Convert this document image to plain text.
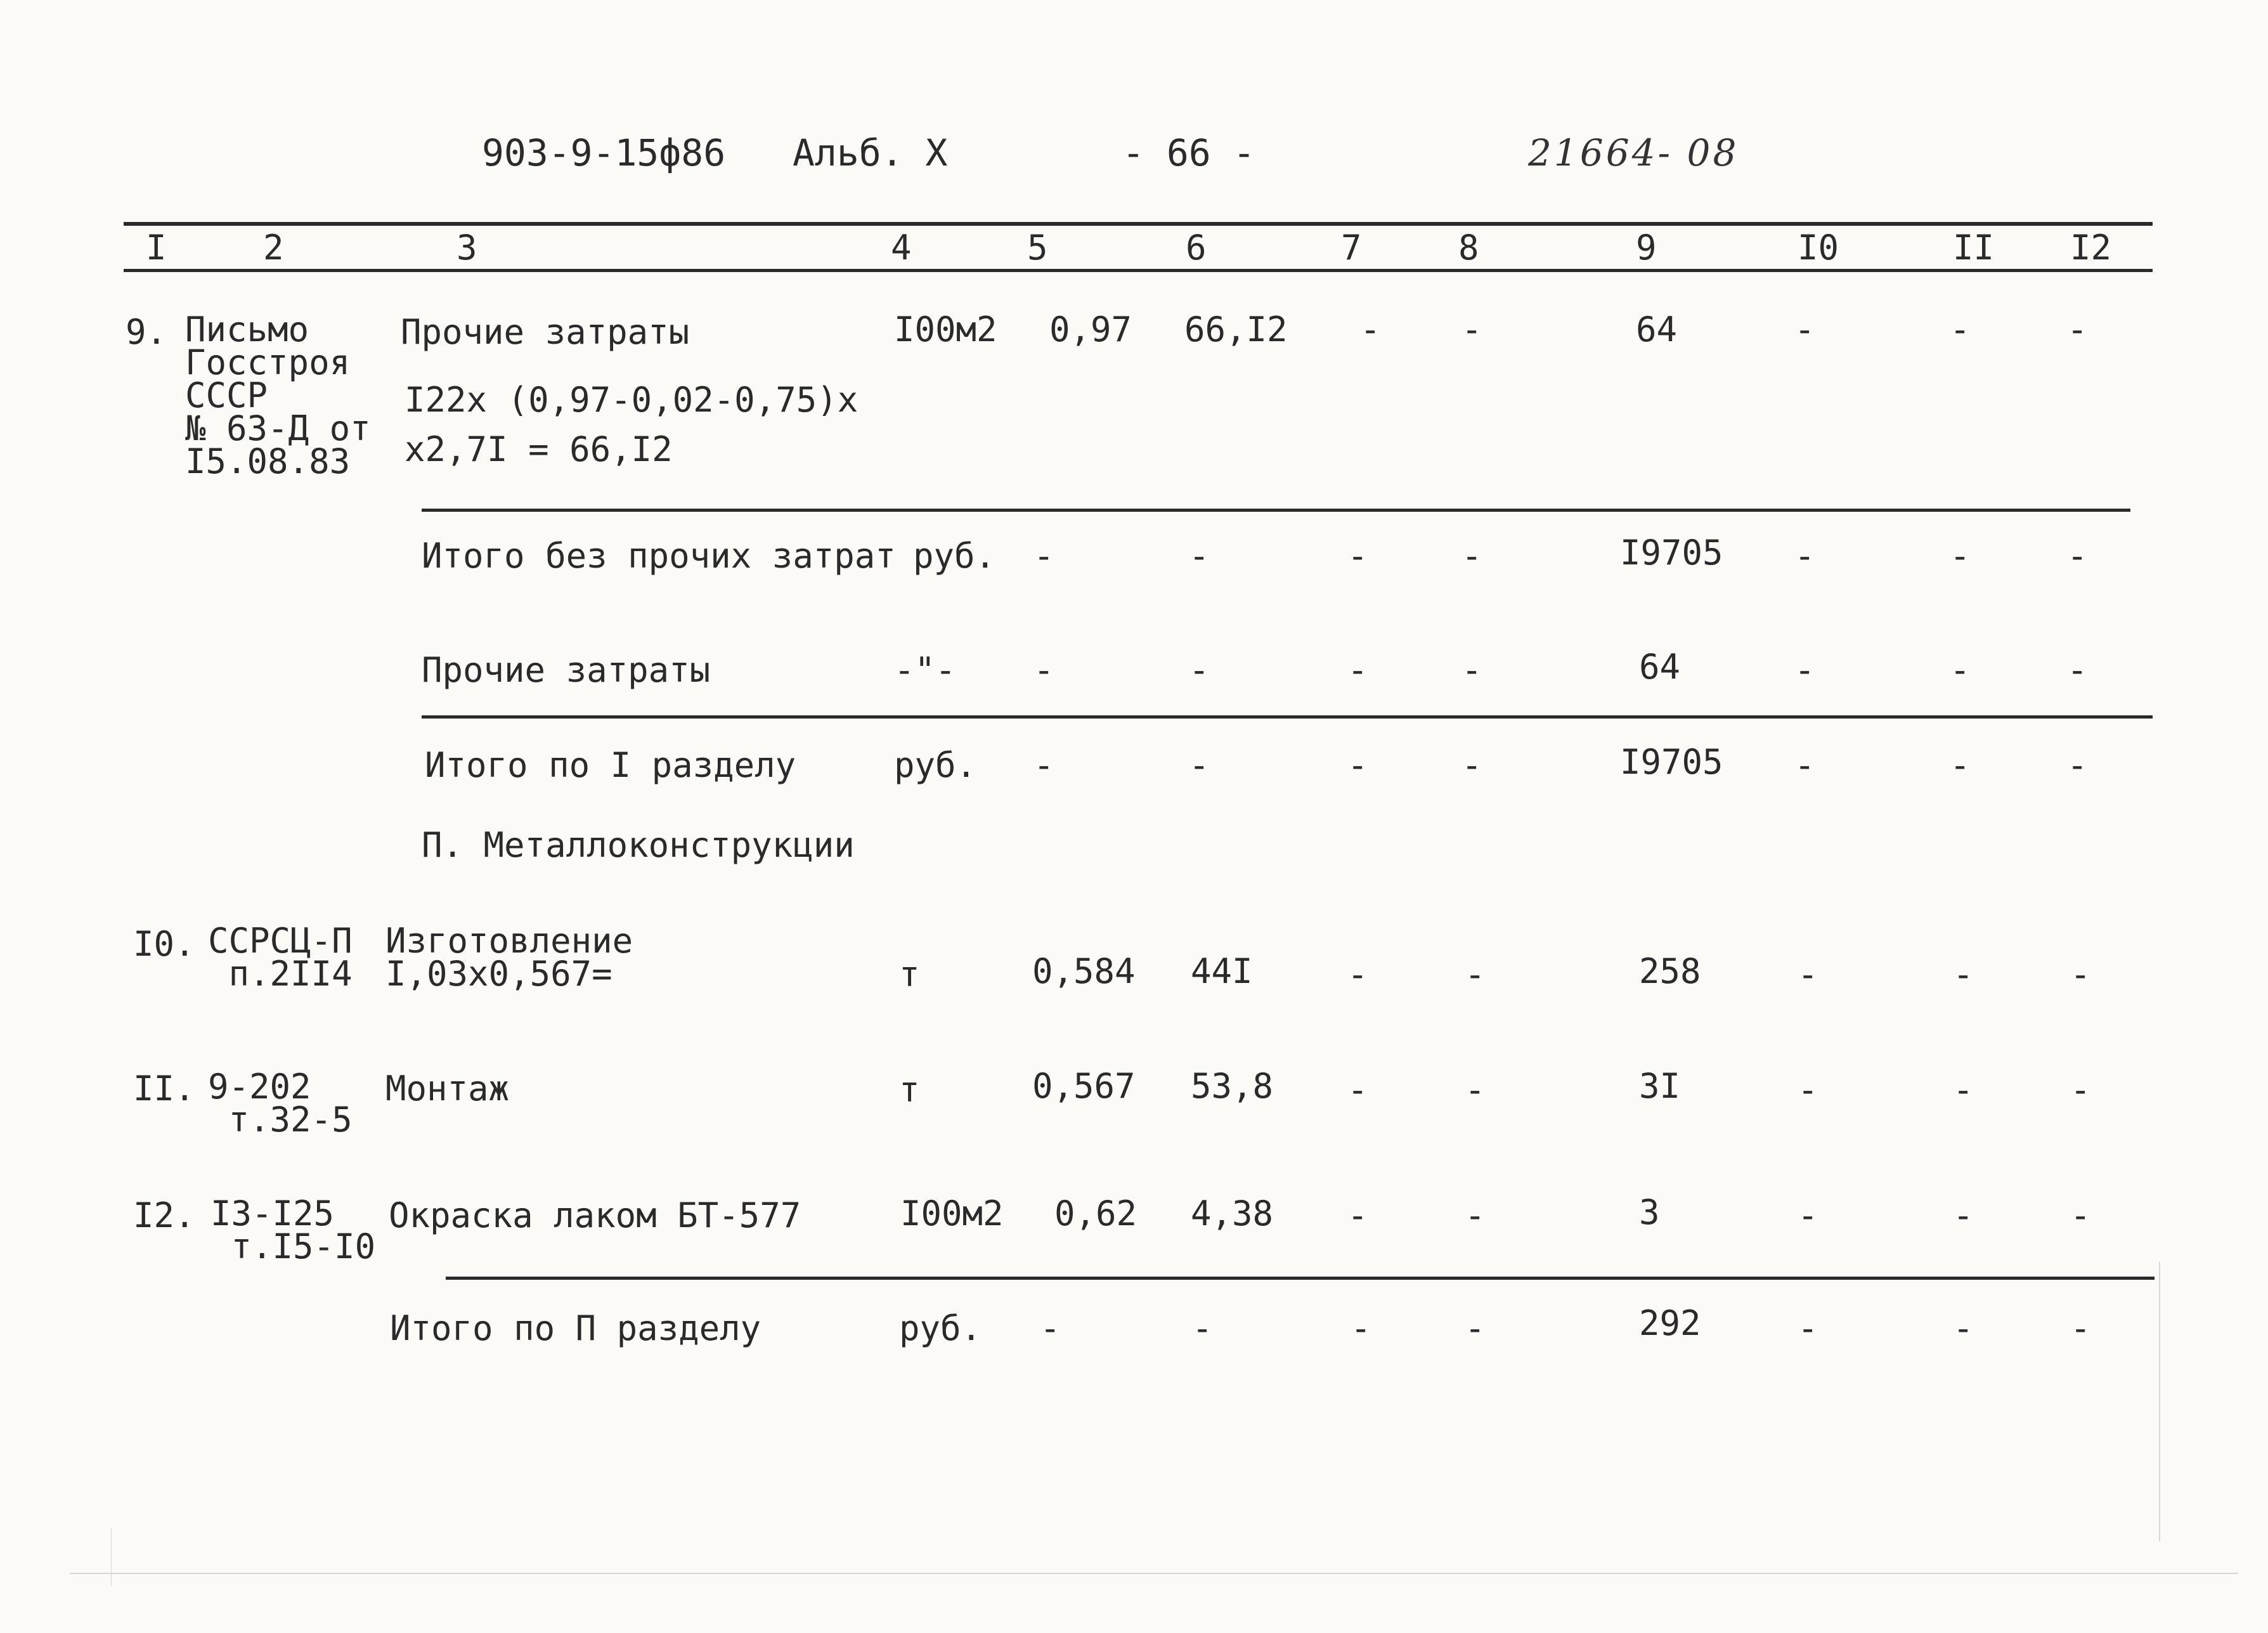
903-9-15ф86 Альб. X	- 66 -	21664- 08
I	2	3	4	5	6	7	8	9	I0	II I2
9. Письмо
Госстроя
СССР
№ 63-Д от
I5.08.83
Прочие затраты
I22х (0,97-0,02-0,75)х
х2,7I = 66,I2
I00м2 0,97 66,I2 - -	64	-	-	-
Итого без прочих затрат руб. -	-	-	-	I9705 -	-	-
Прочие затраты	-"- -	-	-	-	64	-	-	-
Итого по I разделу	руб. -	-	-	-	I9705 -	-	-
П. Металлоконструкции
I0. ССРСЦ-П
п.2II4
Изготовление
I,03х0,567=	т	0,584 44I	-	-	258	-	-	-
II. 9-202
т.32-5
Монтаж	т	0,567 53,8 -	-	3I	-	-	-
I2. I3-I25
т.I5-I0
Окраска лаком БТ-577	I00м2 0,62 4,38 -	-	3	-	-	-
Итого по П разделу	руб. -	-	-	-	292	-	-	-
